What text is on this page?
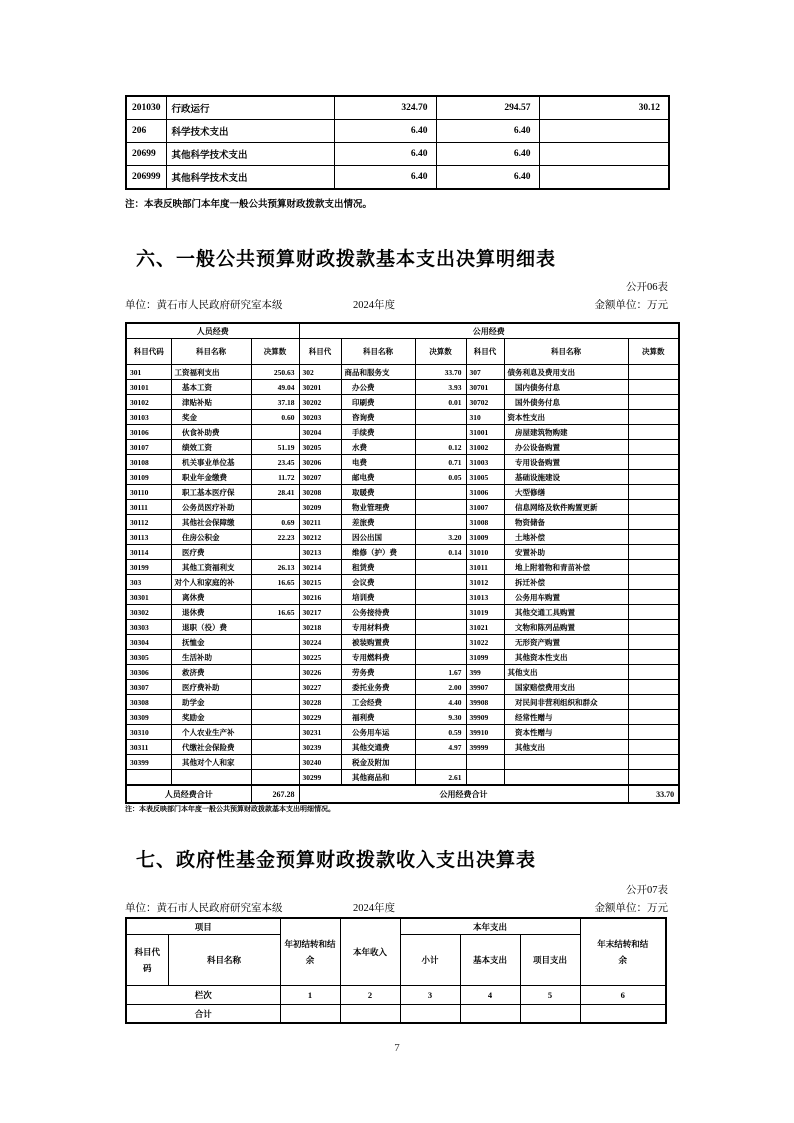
201030	行政运行	324.70	294.57	30.12
206	科学技术支出	6.40	6.40	
20699	其他科学技术支出	6.40	6.40	
206999	其他科学技术支出	6.40	6.40	
注：本表反映部门本年度一般公共预算财政拨款支出情况。
六、一般公共预算财政拨款基本支出决算明细表
公开06表
单位：黄石市人民政府研究室本级	2024年度	金额单位：万元
人员经费			公用经费					
科目代码	科目名称	决算数	科目代	科目名称	决算数	科目代	科目名称	决算数
301	工资福利支出	250.63	302	商品和服务支	33.70	307	债务利息及费用支出	
30101	　基本工资	49.04	30201	　办公费	3.93	30701	　国内债务付息	
30102	　津贴补贴	37.18	30202	　印刷费	0.01	30702	　国外债务付息	
30103	　奖金	0.60	30203	　咨询费		310	资本性支出	
30106	　伙食补助费		30204	　手续费		31001	　房屋建筑物购建	
30107	　绩效工资	51.19	30205	　水费	0.12	31002	　办公设备购置	
30108	　机关事业单位基	23.45	30206	　电费	0.71	31003	　专用设备购置	
30109	　职业年金缴费	11.72	30207	　邮电费	0.05	31005	　基础设施建设	
30110	　职工基本医疗保	28.41	30208	　取暖费		31006	　大型修缮	
30111	　公务员医疗补助		30209	　物业管理费		31007	　信息网络及软件购置更新	
30112	　其他社会保障缴	0.69	30211	　差旅费		31008	　物资储备	
30113	　住房公积金	22.23	30212	　因公出国	3.20	31009	　土地补偿	
30114	　医疗费		30213	　维修（护）费	0.14	31010	　安置补助	
30199	　其他工资福利支	26.13	30214	　租赁费		31011	　地上附着物和青苗补偿	
303	对个人和家庭的补	16.65	30215	　会议费		31012	　拆迁补偿	
30301	　离休费		30216	　培训费		31013	　公务用车购置	
30302	　退休费	16.65	30217	　公务接待费		31019	　其他交通工具购置	
30303	　退职（役）费		30218	　专用材料费		31021	　文物和陈列品购置	
30304	　抚恤金		30224	　被装购置费		31022	　无形资产购置	
30305	　生活补助		30225	　专用燃料费		31099	　其他资本性支出	
30306	　救济费		30226	　劳务费	1.67	399	其他支出	
30307	　医疗费补助		30227	　委托业务费	2.00	39907	　国家赔偿费用支出	
30308	　助学金		30228	　工会经费	4.40	39908	　对民间非营利组织和群众	
30309	　奖励金		30229	　福利费	9.30	39909	　经常性赠与	
30310	　个人农业生产补		30231	　公务用车运	0.59	39910	　资本性赠与	
30311	　代缴社会保险费		30239	　其他交通费	4.97	39999	　其他支出	
30399	　其他对个人和家		30240	　税金及附加				
			30299	　其他商品和	2.61			
人员经费合计		267.28	公用经费合计					33.70
注：本表反映部门本年度一般公共预算财政拨款基本支出明细情况。
七、政府性基金预算财政拨款收入支出决算表
公开07表
单位：黄石市人民政府研究室本级	2024年度	金额单位：万元
项目		年初结转和结余	本年收入	本年支出			年末结转和结余
科目代码	科目名称			小计	基本支出	项目支出	
栏次		1	2	3	4	5	6
合计							
7
